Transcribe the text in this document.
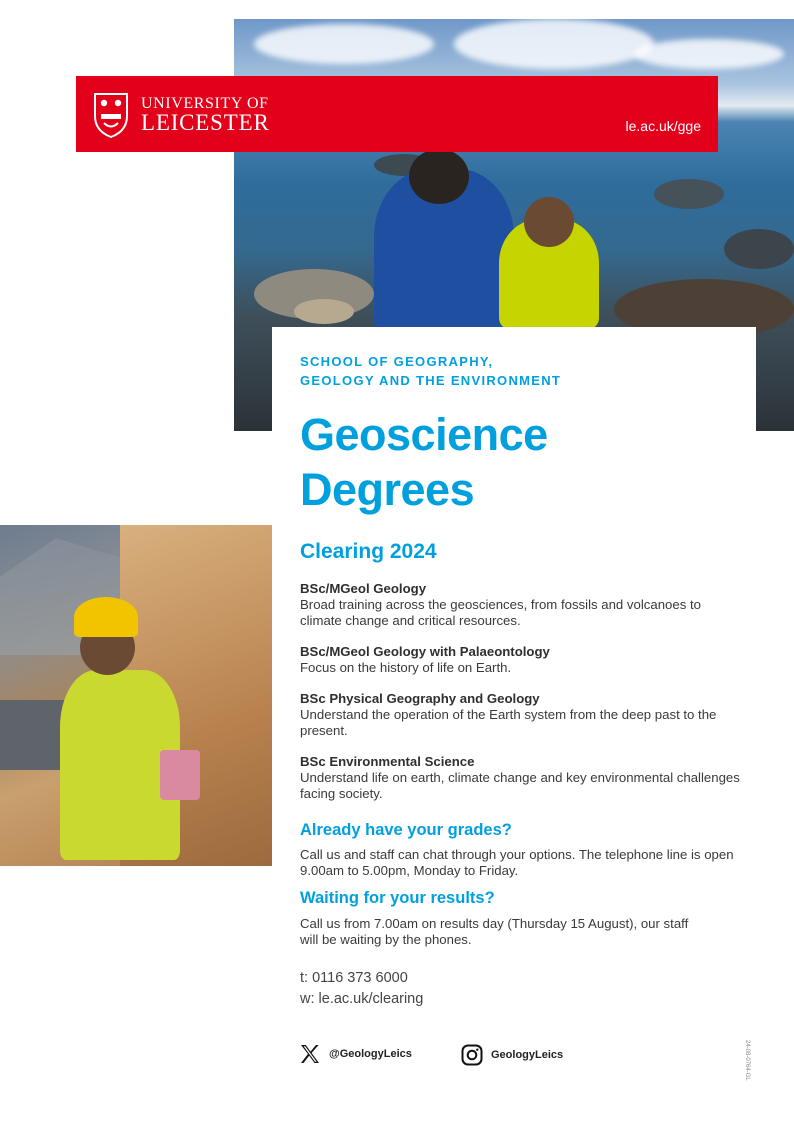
UNIVERSITY OF
LEICESTER	le.ac.uk/gge
SCHOOL OF GEOGRAPHY,
GEOLOGY AND THE ENVIRONMENT
Geoscience
Degrees
Clearing 2024
BSc/MGeol Geology
Broad training across the geosciences, from fossils and volcanoes to climate change and critical resources.
BSc/MGeol Geology with Palaeontology
Focus on the history of life on Earth.
BSc Physical Geography and Geology
Understand the operation of the Earth system from the deep past to the present.
BSc Environmental Science
Understand life on earth, climate change and key environmental challenges facing society.
Already have your grades?
Call us and staff can chat through your options. The telephone line is open 9.00am to 5.00pm, Monday to Friday.
Waiting for your results?
Call us from 7.00am on results day (Thursday 15 August), our staff will be waiting by the phones.
t: 0116 373 6000
w: le.ac.uk/clearing
@GeologyLeics	GeologyLeics	24-08-0764-GL
